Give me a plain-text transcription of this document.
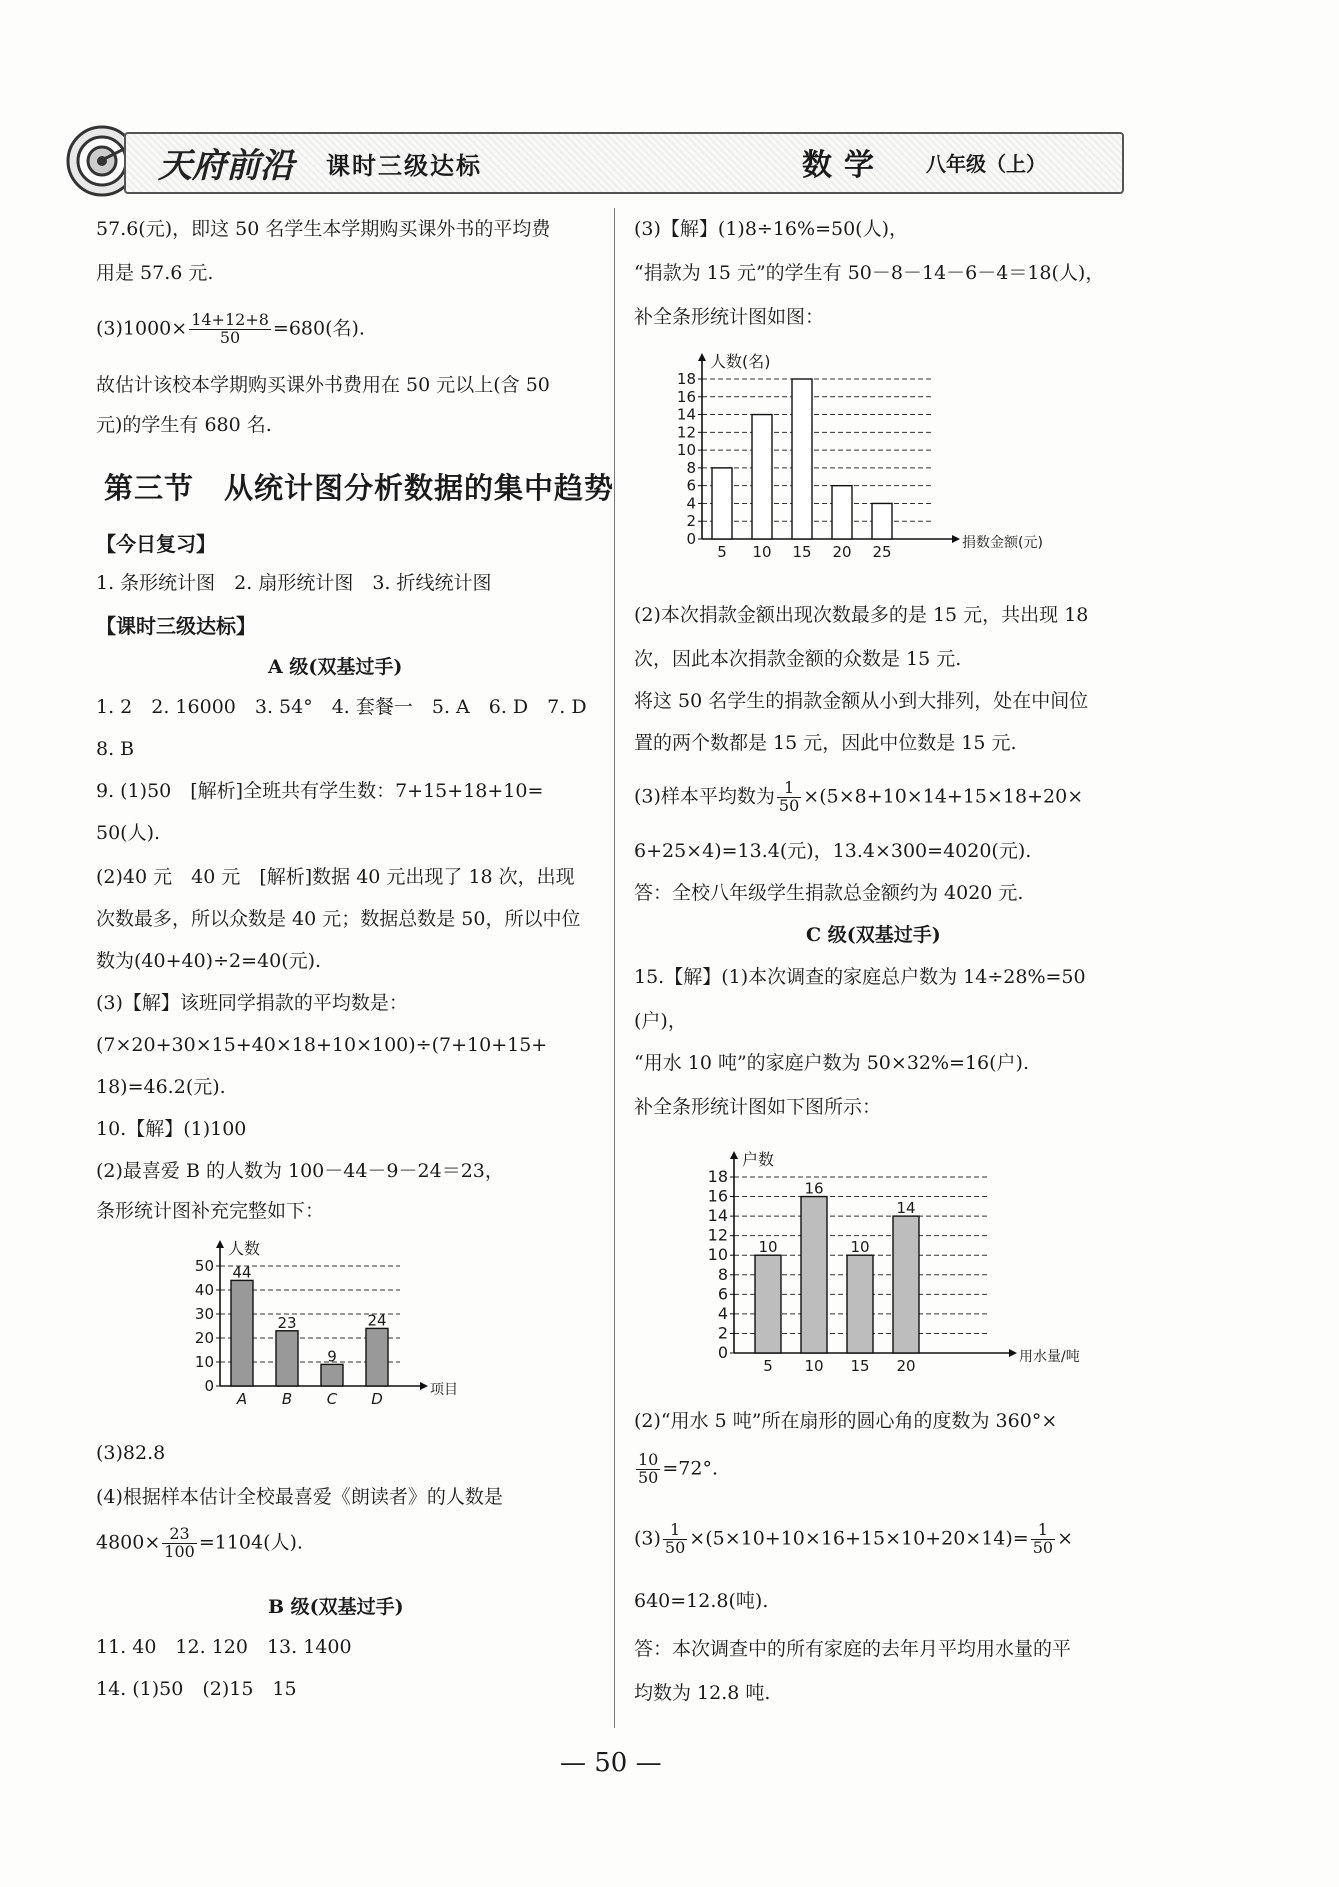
天府前沿 课时三级达标	数学 八年级（上）
57.6(元)，即这 50 名学生本学期购买课外书的平均费
用是 57.6 元.
$(3)1000\times \frac{14+12+8}{50} =680$(名).
故估计该校本学期购买课外书费用在 50 元以上(含 50
元)的学生有 680 名.
第三节　从统计图分析数据的集中趋势
【今日复习】
1. 条形统计图　2. 扇形统计图　3. 折线统计图
【课时三级达标】
A 级(双基过手)
1. 2　2. 16000　3. 54°　4. 套餐一　5. A　6. D　7. D
8. B
9. (1)50　[解析]全班共有学生数：7+15+18+10=
50(人).
(2)40 元　40 元　[解析]数据 40 元出现了 18 次，出现
次数最多，所以众数是 40 元；数据总数是 50，所以中位
数为(40+40)÷2=40(元).
(3)【解】该班同学捐款的平均数是：
(7×20+30×15+40×18+10×100)÷(7+10+15+
18)=46.2(元).
10.【解】(1)100
(2)最喜爱 B 的人数为 100－44－9－24＝23，
条形统计图补充完整如下：
0
10
20
30
40
50
人数
项目
44
A
23
B
9
C
24
D
(3)82.8
(4)根据样本估计全校最喜爱《朗读者》的人数是
$4800\times \frac{23}{100} =1104$(人).
B 级(双基过手)
11. 40　12. 120　13. 1400
14. (1)50　(2)15　15
(3)【解】(1)8÷16%=50(人)，
“捐款为 15 元”的学生有 50－8－14－6－4＝18(人)，
补全条形统计图如图：
0
2
4
6
8
10
12
14
16
18
人数(名)
捐数金额(元)
5 10 15 20 25
(2)本次捐款金额出现次数最多的是 15 元，共出现 18
次，因此本次捐款金额的众数是 15 元.
将这 50 名学生的捐款金额从小到大排列，处在中间位
置的两个数都是 15 元，因此中位数是 15 元.
(3)样本平均数为 $\frac{1}{50} \times(5\times 8+10\times 14+15\times 18+20\times$
6+25×4)=13.4(元)，13.4×300=4020(元).
答：全校八年级学生捐款总金额约为 4020 元.
C 级(双基过手)
15.【解】(1)本次调查的家庭总户数为 14÷28%=50
(户)，
“用水 10 吨”的家庭户数为 50×32%=16(户).
补全条形统计图如下图所示：
0
2
4
6
8
10
12
14
16
18
户数
用水量/吨
10
5
16
10
10
15
14
20
(2)“用水 5 吨”所在扇形的圆心角的度数为 360°×
$\frac{10}{50} =72^\circ$.
$(3) \frac{1}{50} \times(5\times 10+10\times 16+15\times 10+20\times 14)= \frac{1}{50}$ ×
640=12.8(吨).
答：本次调查中的所有家庭的去年月平均用水量的平
均数为 12.8 吨.
— 50 —
